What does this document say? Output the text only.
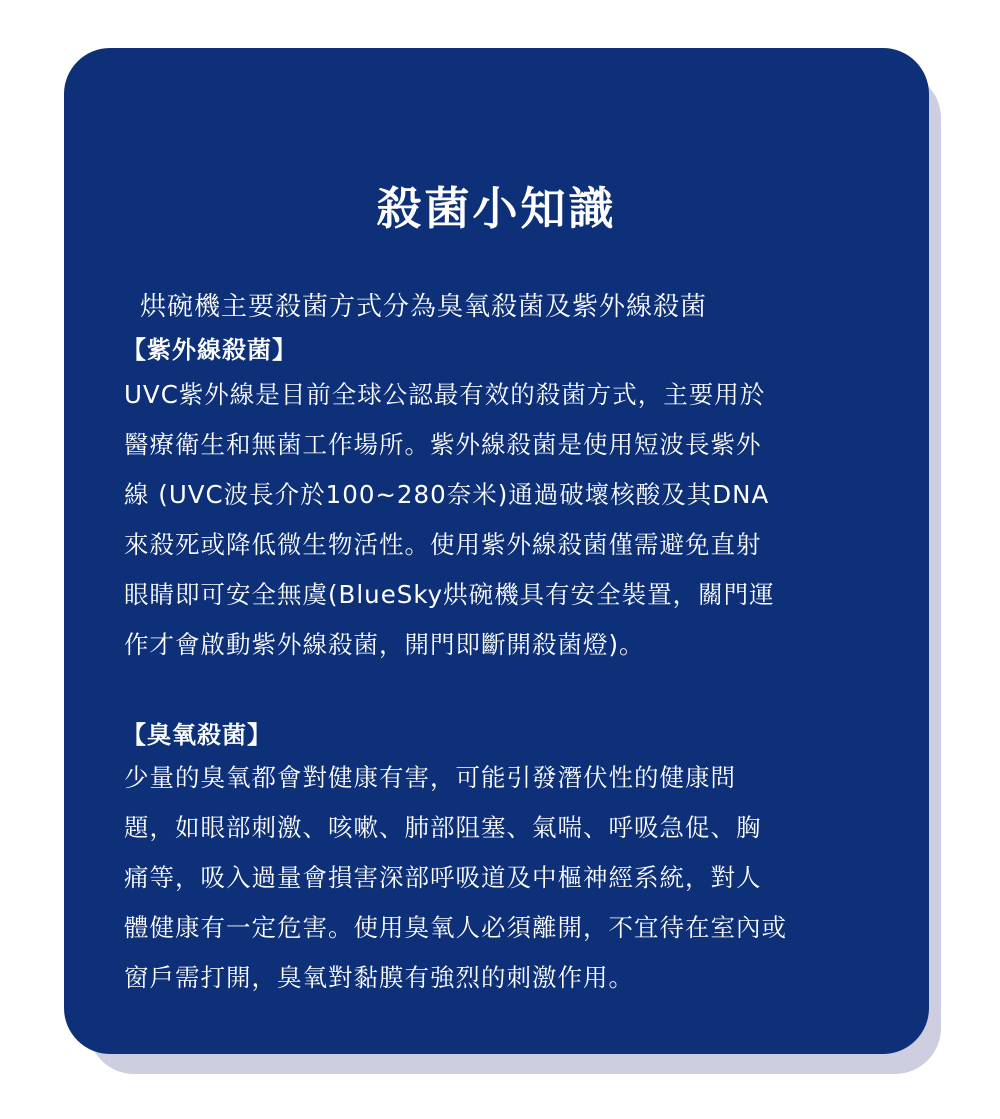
殺菌小知識

烘碗機主要殺菌方式分為臭氧殺菌及紫外線殺菌

【紫外線殺菌】
UVC紫外線是目前全球公認最有效的殺菌方式，主要用於
醫療衛生和無菌工作場所。紫外線殺菌是使用短波長紫外
線 (UVC波長介於100~280奈米)通過破壞核酸及其DNA
來殺死或降低微生物活性。使用紫外線殺菌僅需避免直射
眼睛即可安全無虞(BlueSky烘碗機具有安全裝置，關門運
作才會啟動紫外線殺菌，開門即斷開殺菌燈)。
【臭氧殺菌】
少量的臭氧都會對健康有害，可能引發潛伏性的健康問
題，如眼部刺激、咳嗽、肺部阻塞、氣喘、呼吸急促、胸
痛等，吸入過量會損害深部呼吸道及中樞神經系統，對人
體健康有一定危害。使用臭氧人必須離開，不宜待在室內或
窗戶需打開，臭氧對黏膜有強烈的刺激作用。
